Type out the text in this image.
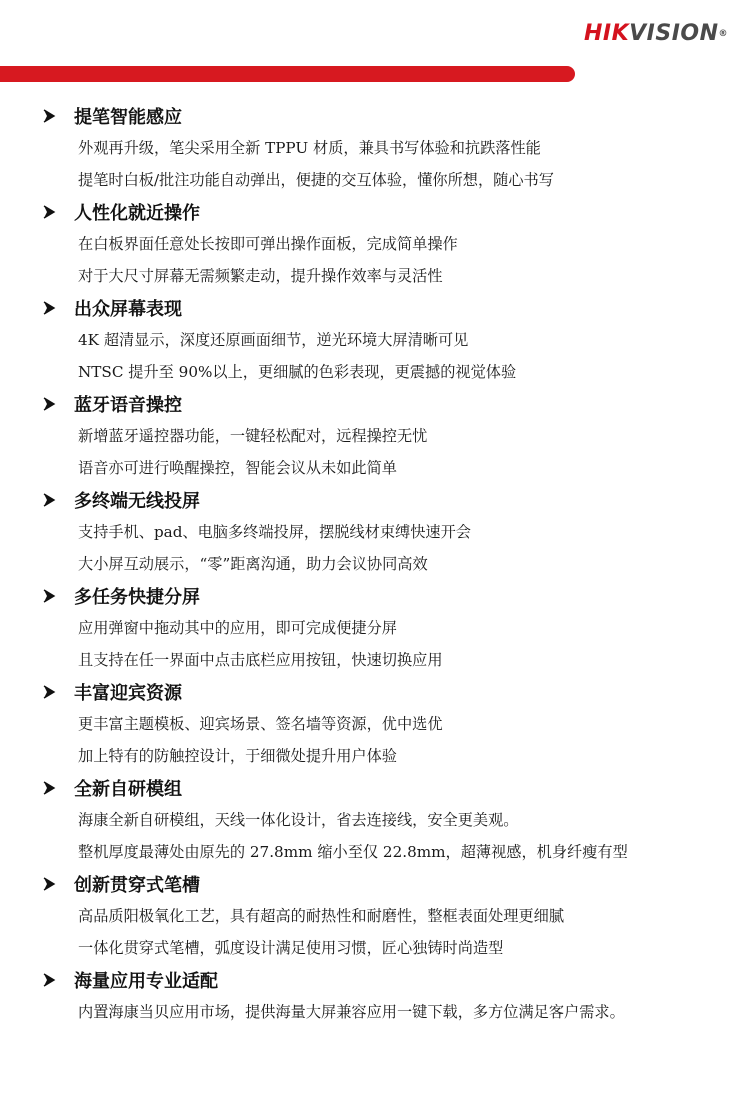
HIKVISION®
提笔智能感应
外观再升级，笔尖采用全新 TPPU 材质，兼具书写体验和抗跌落性能
提笔时白板/批注功能自动弹出，便捷的交互体验，懂你所想，随心书写
人性化就近操作
在白板界面任意处长按即可弹出操作面板，完成简单操作
对于大尺寸屏幕无需频繁走动，提升操作效率与灵活性
出众屏幕表现
4K 超清显示，深度还原画面细节，逆光环境大屏清晰可见
NTSC 提升至 90%以上，更细腻的色彩表现，更震撼的视觉体验
蓝牙语音操控
新增蓝牙遥控器功能，一键轻松配对，远程操控无忧
语音亦可进行唤醒操控，智能会议从未如此简单
多终端无线投屏
支持手机、pad、电脑多终端投屏，摆脱线材束缚快速开会
大小屏互动展示，“零”距离沟通，助力会议协同高效
多任务快捷分屏
应用弹窗中拖动其中的应用，即可完成便捷分屏
且支持在任一界面中点击底栏应用按钮，快速切换应用
丰富迎宾资源
更丰富主题模板、迎宾场景、签名墙等资源，优中选优
加上特有的防触控设计，于细微处提升用户体验
全新自研模组
海康全新自研模组，天线一体化设计，省去连接线，安全更美观。
整机厚度最薄处由原先的 27.8mm 缩小至仅 22.8mm，超薄视感，机身纤瘦有型
创新贯穿式笔槽
高品质阳极氧化工艺，具有超高的耐热性和耐磨性，整框表面处理更细腻
一体化贯穿式笔槽，弧度设计满足使用习惯，匠心独铸时尚造型
海量应用专业适配
内置海康当贝应用市场，提供海量大屏兼容应用一键下载，多方位满足客户需求。
